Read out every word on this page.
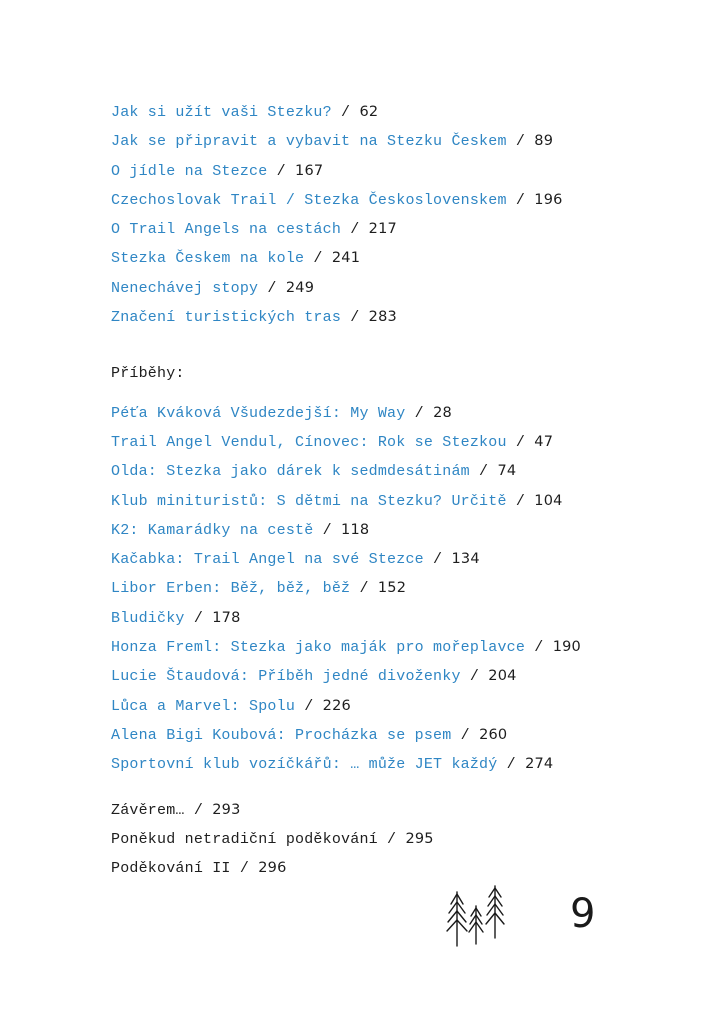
Jak si užít vaši Stezku? / 62
Jak se připravit a vybavit na Stezku Českem / 89
O jídle na Stezce / 167
Czechoslovak Trail / Stezka Československem / 196
O Trail Angels na cestách / 217
Stezka Českem na kole / 241
Nenechávej stopy / 249
Značení turistických tras / 283
Příběhy:
Péťa Kváková Všudezdejší: My Way / 28
Trail Angel Vendul, Cínovec: Rok se Stezkou / 47
Olda: Stezka jako dárek k sedmdesátinám / 74
Klub minituristů: S dětmi na Stezku? Určitě / 104
K2: Kamarádky na cestě / 118
Kačabka: Trail Angel na své Stezce / 134
Libor Erben: Běž, běž, běž / 152
Bludičky / 178
Honza Freml: Stezka jako maják pro mořeplavce / 190
Lucie Štaudová: Příběh jedné divoženky / 204
Lůca a Marvel: Spolu / 226
Alena Bigi Koubová: Procházka se psem / 260
Sportovní klub vozíčkářů: … může JET každý / 274
Závěrem… / 293
Poněkud netradiční poděkování / 295
Poděkování II / 296
9
